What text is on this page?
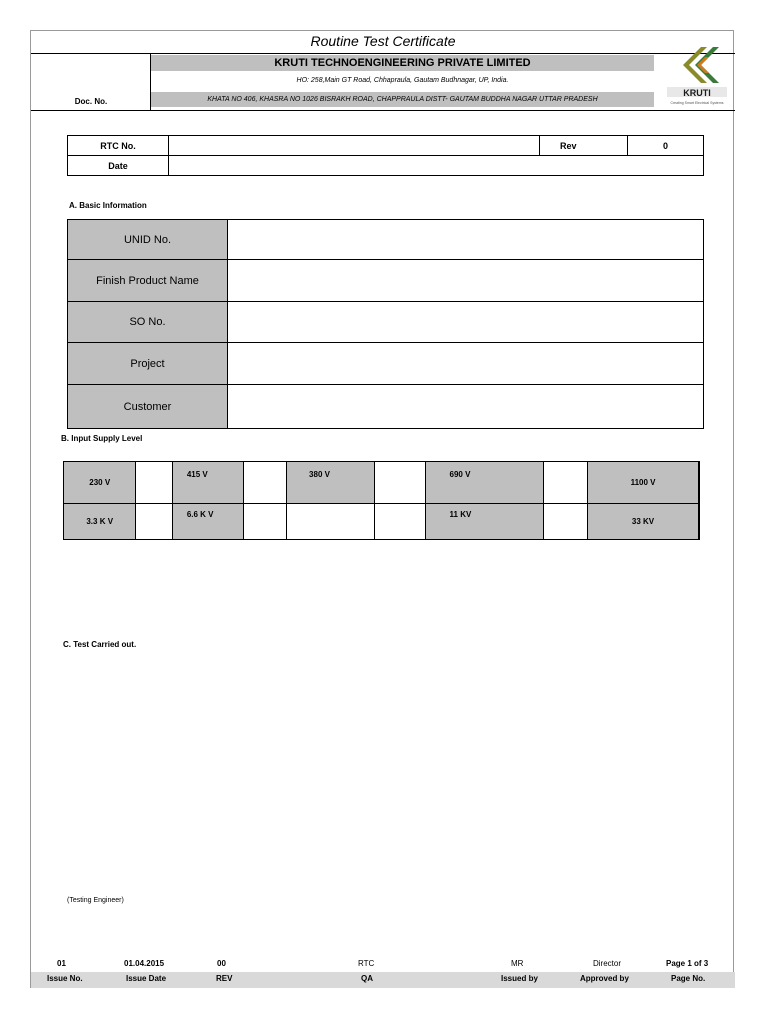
Routine Test Certificate
KRUTI TECHNOENGINEERING PRIVATE LIMITED
HO: 258,Main GT Road, Chhapraula, Gautam Budhnagar, UP, India.
KHATA NO 406, KHASRA NO 1026 BISRAKH ROAD, CHAPPRAULA DISTT- GAUTAM BUDDHA NAGAR UTTAR PRADESH
Doc. No.
KRUTI
Creating Smart Electrical Systems
RTC No.		Rev	0
Date			
A. Basic Information
UNID No.	
Finish Product Name	
SO No.	
Project	
Customer	
B. Input Supply Level
230 V		415 V		380 V		690 V		1100 V	
3.3 K V		6.6 K V				11 KV		33 KV	
C. Test Carried out.
(Testing Engineer)
01	01.04.2015	00	RTC	MR	Director	Page 1 of 3
Issue No.	Issue Date	REV	QA	Issued by	Approved by	Page No.
